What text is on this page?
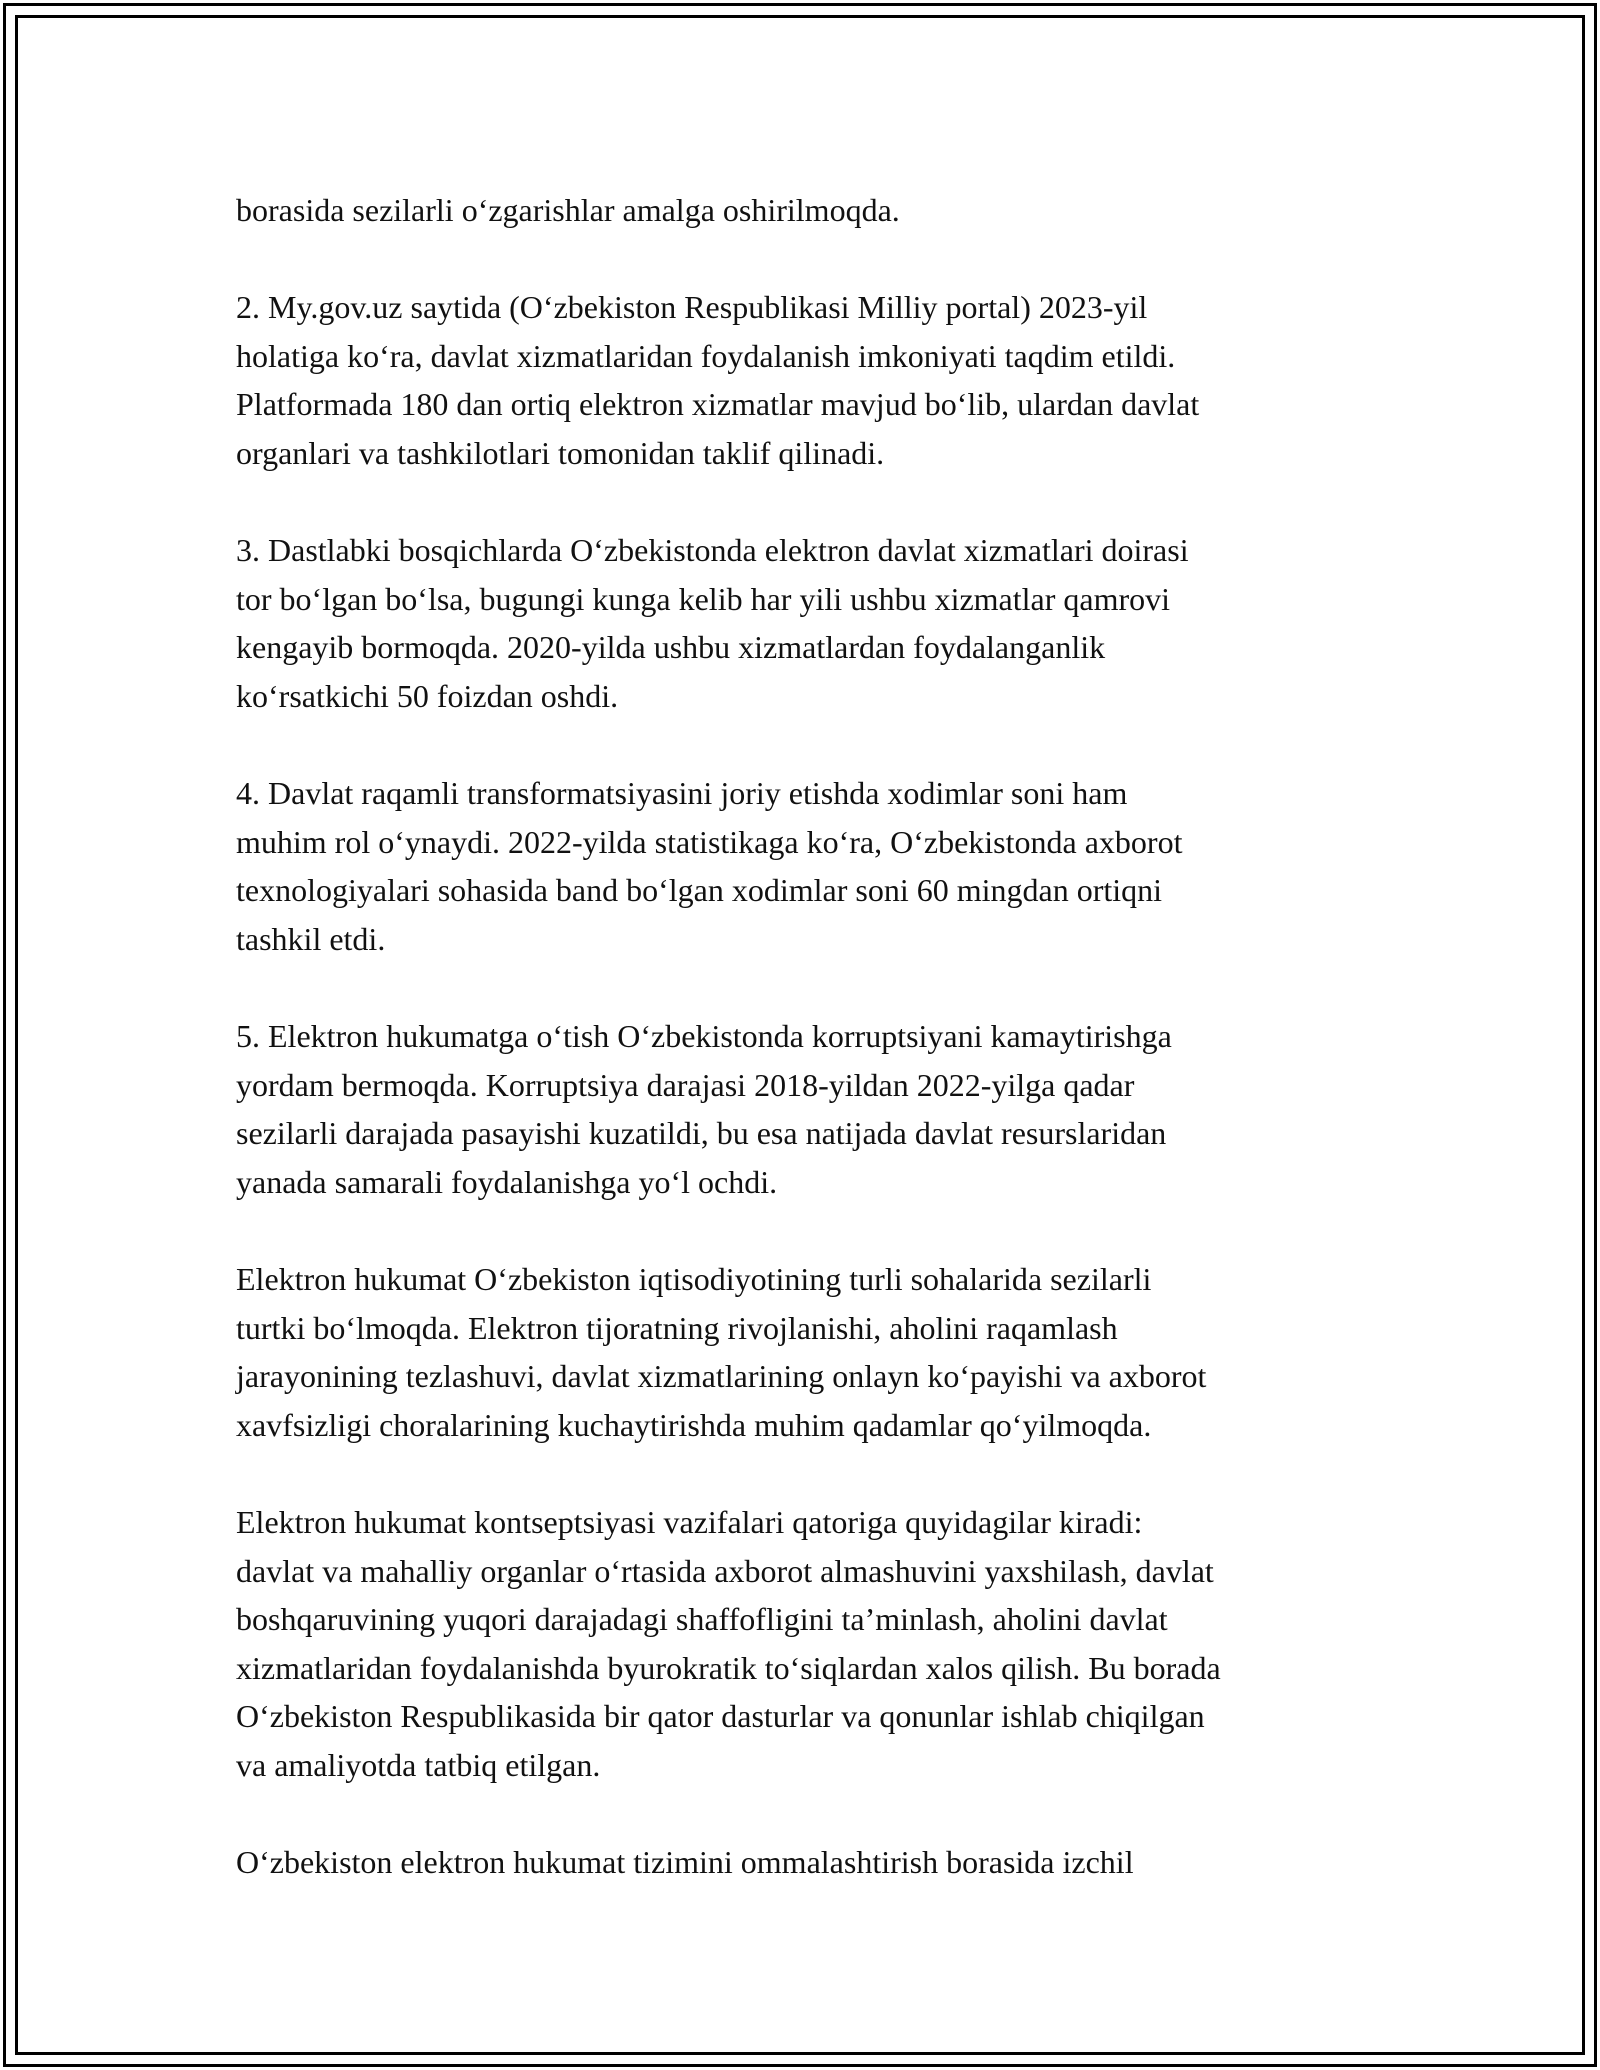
borasida sezilarli o‘zgarishlar amalga oshirilmoqda.

2. My.gov.uz saytida (O‘zbekiston Respublikasi Milliy portal) 2023-yil
holatiga ko‘ra, davlat xizmatlaridan foydalanish imkoniyati taqdim etildi.
Platformada 180 dan ortiq elektron xizmatlar mavjud bo‘lib, ulardan davlat
organlari va tashkilotlari tomonidan taklif qilinadi.

3. Dastlabki bosqichlarda O‘zbekistonda elektron davlat xizmatlari doirasi
tor bo‘lgan bo‘lsa, bugungi kunga kelib har yili ushbu xizmatlar qamrovi
kengayib bormoqda. 2020-yilda ushbu xizmatlardan foydalanganlik
ko‘rsatkichi 50 foizdan oshdi.

4. Davlat raqamli transformatsiyasini joriy etishda xodimlar soni ham
muhim rol o‘ynaydi. 2022-yilda statistikaga ko‘ra, O‘zbekistonda axborot
texnologiyalari sohasida band bo‘lgan xodimlar soni 60 mingdan ortiqni
tashkil etdi.

5. Elektron hukumatga o‘tish O‘zbekistonda korruptsiyani kamaytirishga
yordam bermoqda. Korruptsiya darajasi 2018-yildan 2022-yilga qadar
sezilarli darajada pasayishi kuzatildi, bu esa natijada davlat resurslaridan
yanada samarali foydalanishga yo‘l ochdi.

Elektron hukumat O‘zbekiston iqtisodiyotining turli sohalarida sezilarli
turtki bo‘lmoqda. Elektron tijoratning rivojlanishi, aholini raqamlash
jarayonining tezlashuvi, davlat xizmatlarining onlayn ko‘payishi va axborot
xavfsizligi choralarining kuchaytirishda muhim qadamlar qo‘yilmoqda.

Elektron hukumat kontseptsiyasi vazifalari qatoriga quyidagilar kiradi:
davlat va mahalliy organlar o‘rtasida axborot almashuvini yaxshilash, davlat
boshqaruvining yuqori darajadagi shaffofligini ta’minlash, aholini davlat
xizmatlaridan foydalanishda byurokratik to‘siqlardan xalos qilish. Bu borada
O‘zbekiston Respublikasida bir qator dasturlar va qonunlar ishlab chiqilgan
va amaliyotda tatbiq etilgan.

O‘zbekiston elektron hukumat tizimini ommalashtirish borasida izchil
